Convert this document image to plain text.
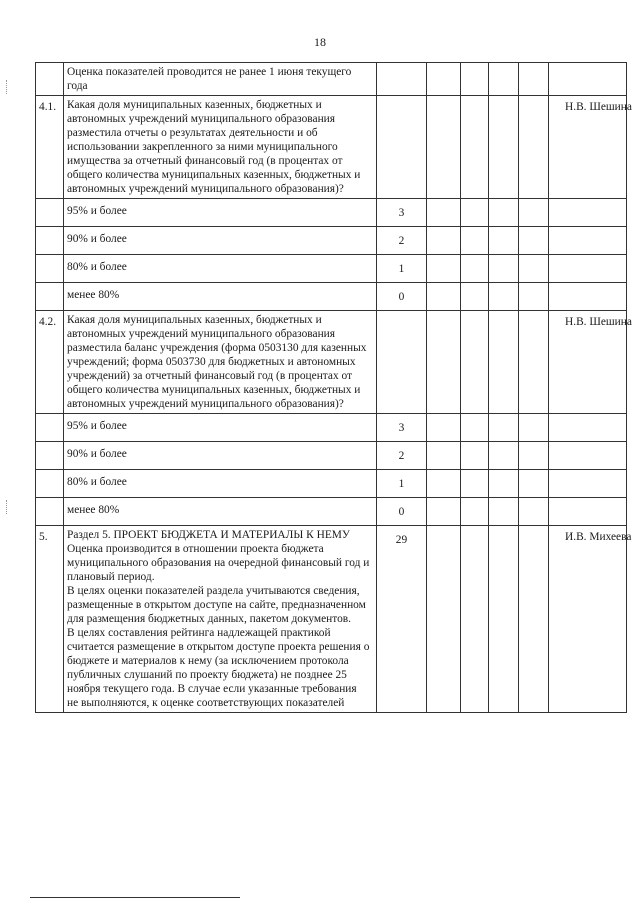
18
	Оценка показателей проводится не ранее 1 июня текущего года						
4.1.	Какая доля муниципальных казенных, бюджетных и автономных учреждений муниципального образования разместила отчеты о результатах деятельности и об использовании закрепленного за ними муниципального имущества за отчетный финансовый год (в процентах от общего количества муниципальных казенных, бюджетных и автономных учреждений муниципального образования)?						Н.В. Шешина
	95% и более	3					
	90% и более	2					
	80% и более	1					
	менее 80%	0					
4.2.	Какая доля муниципальных казенных, бюджетных и автономных учреждений муниципального образования разместила баланс учреждения (форма 0503130 для казенных учреждений; форма 0503730 для бюджетных и автономных учреждений) за отчетный финансовый год (в процентах от общего количества муниципальных казенных, бюджетных и автономных учреждений муниципального образования)?						Н.В. Шешина
	95% и более	3					
	90% и более	2					
	80% и более	1					
	менее 80%	0					
5.	Раздел 5. ПРОЕКТ БЮДЖЕТА И МАТЕРИАЛЫ К НЕМУ
Оценка производится в отношении проекта бюджета муниципального образования на очередной финансовый год и плановый период.
В целях оценки показателей раздела учитываются сведения, размещенные в открытом доступе на сайте, предназначенном для размещения бюджетных данных, пакетом документов.
В целях составления рейтинга надлежащей практикой считается размещение в открытом доступе проекта решения о бюджете и материалов к нему (за исключением протокола публичных слушаний по проекту бюджета) не позднее 25 ноября текущего года. В случае если указанные требования не выполняются, к оценке соответствующих показателей	29					И.В. Михеева
